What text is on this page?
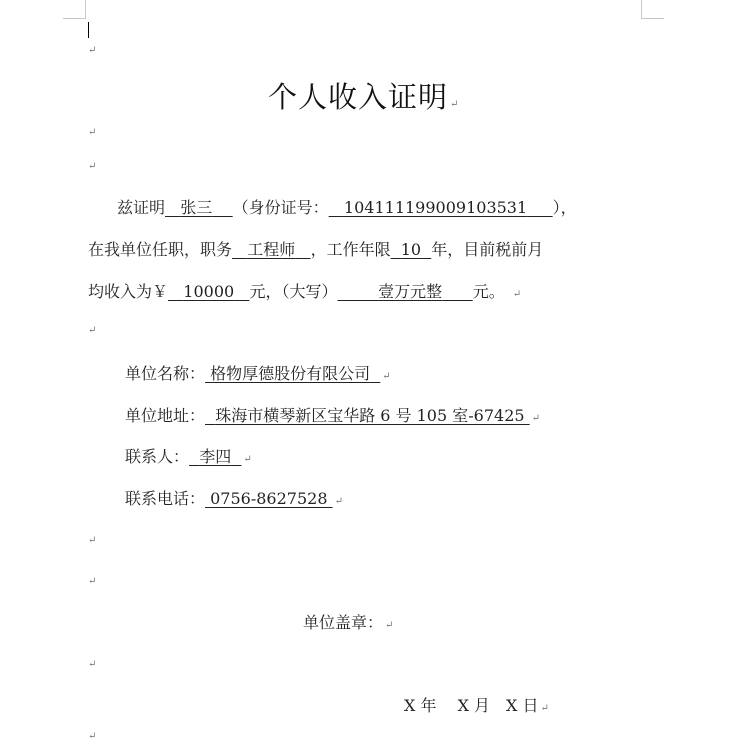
↵
↵
↵
↵
↵
↵
↵
↵
个人收入证明 ↵
兹证明 张三 （身份证号： 104111199009103531 ），
在我单位任职，职务 工程师 ，工作年限 10 年，目前税前月
均收入为￥ 10000 元，（大写）	壹万元整 元。 ↵
单位名称： 格物厚德股份有限公司 ↵
单位地址： 珠海市横琴新区宝华路 6 号 105 室-67425 ↵
联系人： 李四 ↵
联系电话： 0756-8627528 ↵
单位盖章： ↵
X 年　 X 月　X 日 ↵
